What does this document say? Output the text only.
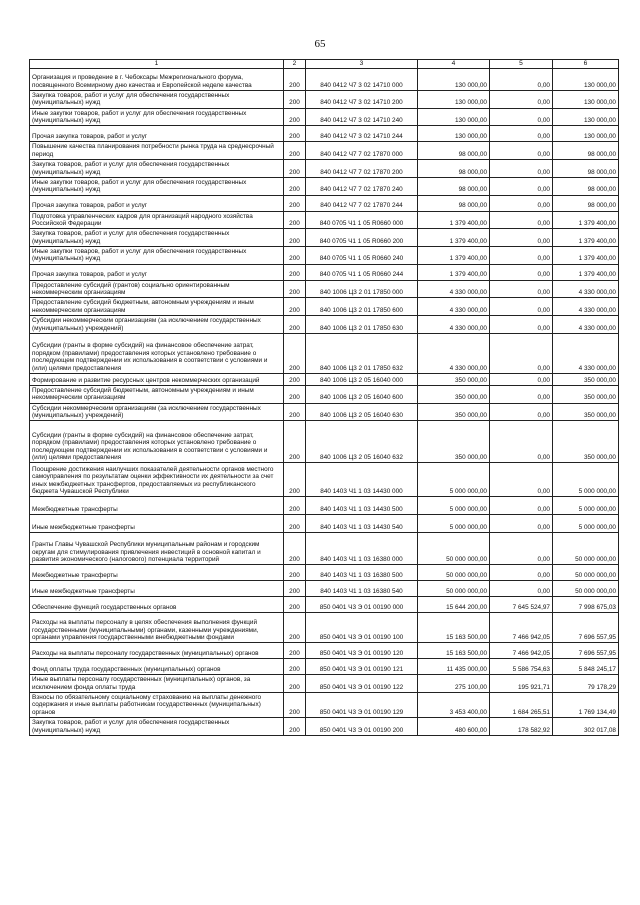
65
1	2	3	4	5	6
Организация и проведение в г. Чебоксары Межрегионального форума, посвященного Всемирному дню качества и Европейской неделе качества	200	840 0412 Ч7 3 02 14710 000	130 000,00	0,00	130 000,00
Закупка товаров, работ и услуг для обеспечения государственных (муниципальных) нужд	200	840 0412 Ч7 3 02 14710 200	130 000,00	0,00	130 000,00
Иные закупки товаров, работ и услуг для обеспечения государственных (муниципальных) нужд	200	840 0412 Ч7 3 02 14710 240	130 000,00	0,00	130 000,00
Прочая закупка товаров, работ и услуг	200	840 0412 Ч7 3 02 14710 244	130 000,00	0,00	130 000,00
Повышение качества планирования потребности рынка труда на среднесрочный период	200	840 0412 Ч7 7 02 17870 000	98 000,00	0,00	98 000,00
Закупка товаров, работ и услуг для обеспечения государственных (муниципальных) нужд	200	840 0412 Ч7 7 02 17870 200	98 000,00	0,00	98 000,00
Иные закупки товаров, работ и услуг для обеспечения государственных (муниципальных) нужд	200	840 0412 Ч7 7 02 17870 240	98 000,00	0,00	98 000,00
Прочая закупка товаров, работ и услуг	200	840 0412 Ч7 7 02 17870 244	98 000,00	0,00	98 000,00
Подготовка управленческих кадров для организаций народного хозяйства Российской Федерации	200	840 0705 Ч1 1 05 R0660 000	1 379 400,00	0,00	1 379 400,00
Закупка товаров, работ и услуг для обеспечения государственных (муниципальных) нужд	200	840 0705 Ч1 1 05 R0660 200	1 379 400,00	0,00	1 379 400,00
Иные закупки товаров, работ и услуг для обеспечения государственных (муниципальных) нужд	200	840 0705 Ч1 1 05 R0660 240	1 379 400,00	0,00	1 379 400,00
Прочая закупка товаров, работ и услуг	200	840 0705 Ч1 1 05 R0660 244	1 379 400,00	0,00	1 379 400,00
Предоставление субсидий (грантов) социально ориентированным некоммерческим организациям	200	840 1006 Ц3 2 01 17850 000	4 330 000,00	0,00	4 330 000,00
Предоставление субсидий бюджетным, автономным учреждениям и иным некоммерческим организациям	200	840 1006 Ц3 2 01 17850 600	4 330 000,00	0,00	4 330 000,00
Субсидии некоммерческим организациям (за исключением государственных (муниципальных) учреждений)	200	840 1006 Ц3 2 01 17850 630	4 330 000,00	0,00	4 330 000,00
Субсидии (гранты в форме субсидий) на финансовое обеспечение затрат, порядком (правилами) предоставления которых установлено требование о последующем подтверждении их использования в соответствии с условиями и (или) целями предоставления	200	840 1006 Ц3 2 01 17850 632	4 330 000,00	0,00	4 330 000,00
Формирование и развитие ресурсных центров некоммерческих организаций	200	840 1006 Ц3 2 05 16040 000	350 000,00	0,00	350 000,00
Предоставление субсидий бюджетным, автономным учреждениям и иным некоммерческим организациям	200	840 1006 Ц3 2 05 16040 600	350 000,00	0,00	350 000,00
Субсидии некоммерческим организациям (за исключением государственных (муниципальных) учреждений)	200	840 1006 Ц3 2 05 16040 630	350 000,00	0,00	350 000,00
Субсидии (гранты в форме субсидий) на финансовое обеспечение затрат, порядком (правилами) предоставления которых установлено требование о последующем подтверждении их использования в соответствии с условиями и (или) целями предоставления	200	840 1006 Ц3 2 05 16040 632	350 000,00	0,00	350 000,00
Поощрение достижения наилучших показателей деятельности органов местного самоуправления по результатам оценки эффективности их деятельности за счет иных межбюджетных трансфертов, предоставляемых из республиканского бюджета Чувашской Республики	200	840 1403 Ч1 1 03 14430 000	5 000 000,00	0,00	5 000 000,00
Межбюджетные трансферты	200	840 1403 Ч1 1 03 14430 500	5 000 000,00	0,00	5 000 000,00
Иные межбюджетные трансферты	200	840 1403 Ч1 1 03 14430 540	5 000 000,00	0,00	5 000 000,00
Гранты Главы Чувашской Республики муниципальным районам и городским округам для стимулирования привлечения инвестиций в основной капитал и развития экономического (налогового) потенциала территорий	200	840 1403 Ч1 1 03 16380 000	50 000 000,00	0,00	50 000 000,00
Межбюджетные трансферты	200	840 1403 Ч1 1 03 16380 500	50 000 000,00	0,00	50 000 000,00
Иные межбюджетные трансферты	200	840 1403 Ч1 1 03 16380 540	50 000 000,00	0,00	50 000 000,00
Обеспечение функций государственных органов	200	850 0401 Ч3 Э 01 00190 000	15 644 200,00	7 645 524,97	7 998 675,03
Расходы на выплаты персоналу в целях обеспечения выполнения функций государственными (муниципальными) органами, казенными учреждениями, органами управления государственными внебюджетными фондами	200	850 0401 Ч3 Э 01 00190 100	15 163 500,00	7 466 942,05	7 696 557,95
Расходы на выплаты персоналу государственных (муниципальных) органов	200	850 0401 Ч3 Э 01 00190 120	15 163 500,00	7 466 942,05	7 696 557,95
Фонд оплаты труда государственных (муниципальных) органов	200	850 0401 Ч3 Э 01 00190 121	11 435 000,00	5 586 754,63	5 848 245,17
Иные выплаты персоналу государственных (муниципальных) органов, за исключением фонда оплаты труда	200	850 0401 Ч3 Э 01 00190 122	275 100,00	195 921,71	79 178,29
Взносы по обязательному социальному страхованию на выплаты денежного содержания и иные выплаты работникам государственных (муниципальных) органов	200	850 0401 Ч3 Э 01 00190 129	3 453 400,00	1 684 265,51	1 769 134,49
Закупка товаров, работ и услуг для обеспечения государственных (муниципальных) нужд	200	850 0401 Ч3 Э 01 00190 200	480 600,00	178 582,92	302 017,08
